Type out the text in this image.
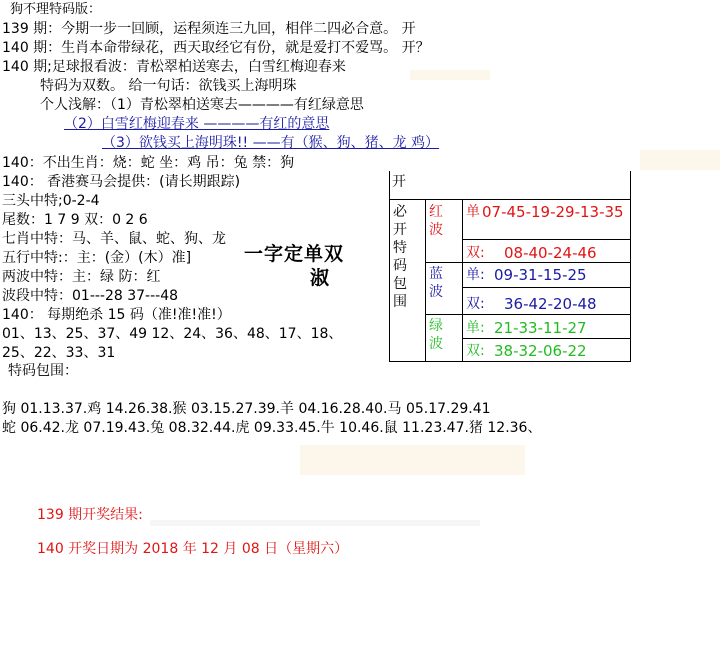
狗不理特码版：
139 期：今期一步一回顾，运程须连三九回，相伴二四必合意。 开
140 期：生肖本命带绿花，西天取经它有份，就是爱打不爱骂。 开？
140 期;足球报看波：青松翠柏送寒去，白雪红梅迎春来
特码为双数。 给一句话：欲钱买上海明珠
个人浅解：（1）青松翠柏送寒去————有红绿意思
（2）白雪红梅迎春来 ————有红的意思
（3）欲钱买上海明珠!! ——有（猴、狗、猪、龙 鸡）
140：不出生肖：烧：蛇 坐：鸡 吊：兔 禁：狗
140： 香港赛马会提供：(请长期跟踪)
三头中特;0-2-4
尾数：1 7 9 双：0 2 6
七肖中特：马、羊、鼠、蛇、狗、龙
五行中特:：主：(金）(木）准]
两波中特：主：绿 防：红
波段中特：01---28 37---48
140： 每期绝杀 15 码（准!准!准!）
01、13、25、37、49 12、24、36、48、17、18、
25、22、33、31
特码包围：
一字定单双
淑
开
必开特码包围
红波
单 07-45-19-29-13-35
双: 08-40-24-46
蓝波
单: 09-31-15-25
双: 36-42-20-48
绿波
单: 21-33-11-27
双: 38-32-06-22
狗 01.13.37.鸡 14.26.38.猴 03.15.27.39.羊 04.16.28.40.马 05.17.29.41
蛇 06.42.龙 07.19.43.兔 08.32.44.虎 09.33.45.牛 10.46.鼠 11.23.47.猪 12.36、
139 期开奖结果:
140 开奖日期为 2018 年 12 月 08 日（星期六）
